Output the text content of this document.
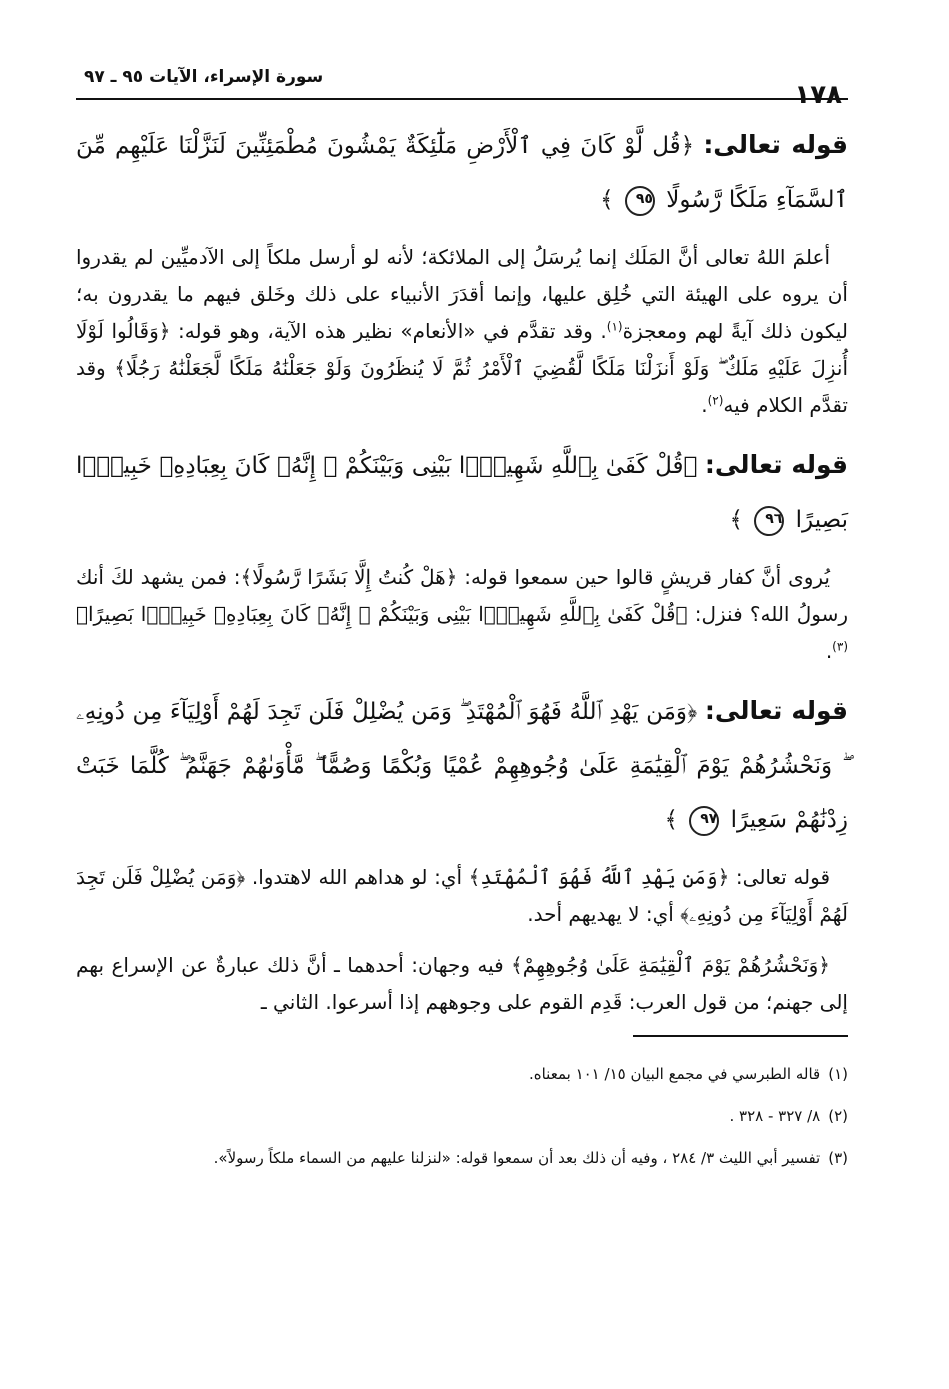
١٧٨
سورة الإسراء، الآيات ٩٥ ـ ٩٧
قوله تعالى: ﴿قُل لَّوْ كَانَ فِي ٱلْأَرْضِ مَلَٰٓئِكَةٌ يَمْشُونَ مُطْمَئِنِّينَ لَنَزَّلْنَا عَلَيْهِم مِّنَ ٱلسَّمَآءِ مَلَكًا رَّسُولًا ٩٥ ﴾

أعلمَ اللهُ تعالى أنَّ المَلَك إنما يُرسَلُ إلى الملائكة؛ لأنه لو أرسل ملكاً إلى الآدميِّين لم يقدروا أن يروه على الهيئة التي خُلِق عليها، وإنما أقدَرَ الأنبياء على ذلك وخَلق فيهم ما يقدرون به؛ ليكون ذلك آيةً لهم ومعجزة$^{(١)}$. وقد تقدَّم في «الأنعام» نظير هذه الآية، وهو قوله: ﴿وَقَالُوا لَوْلَا أُنزِلَ عَلَيْهِ مَلَكٌ ۖ وَلَوْ أَنزَلْنَا مَلَكًا لَّقُضِيَ ٱلْأَمْرُ ثُمَّ لَا يُنظَرُونَ وَلَوْ جَعَلْنَٰهُ مَلَكًا لَّجَعَلْنَٰهُ رَجُلًا﴾ وقد تقدَّم الكلام فيه$^{(٢)}$.

قوله تعالى: ﴿قُلْ كَفَىٰ بِٱللَّهِ شَهِيدًۢا بَيْنِى وَبَيْنَكُمْ ۚ إِنَّهُۥ كَانَ بِعِبَادِهِۦ خَبِيرًۢا بَصِيرًا ٩٦ ﴾

يُروى أنَّ كفار قريشٍ قالوا حين سمعوا قوله: ﴿هَلْ كُنتُ إِلَّا بَشَرًا رَّسُولًا﴾: فمن يشهد لكَ أنك رسولُ الله؟ فنزل: ﴿قُلْ كَفَىٰ بِٱللَّهِ شَهِيدًۢا بَيْنِى وَبَيْنَكُمْ ۚ إِنَّهُۥ كَانَ بِعِبَادِهِۦ خَبِيرًۢا بَصِيرًا﴾$^{(٣)}$.

قوله تعالى: ﴿وَمَن يَهْدِ ٱللَّهُ فَهُوَ ٱلْمُهْتَدِ ۖ وَمَن يُضْلِلْ فَلَن تَجِدَ لَهُمْ أَوْلِيَآءَ مِن دُونِهِۦ ۖ وَنَحْشُرُهُمْ يَوْمَ ٱلْقِيَٰمَةِ عَلَىٰ وُجُوهِهِمْ عُمْيًا وَبُكْمًا وَصُمًّا ۖ مَّأْوَىٰهُمْ جَهَنَّمُ ۖ كُلَّمَا خَبَتْ زِدْنَٰهُمْ سَعِيرًا ٩٧ ﴾

قوله تعالى: ﴿وَمَن يَهْدِ ٱللَّهُ فَهُوَ ٱلْمُهْتَدِ﴾ أي: لو هداهم الله لاهتدوا. ﴿وَمَن يُضْلِلْ فَلَن تَجِدَ لَهُمْ أَوْلِيَآءَ مِن دُونِهِۦ﴾ أي: لا يهديهم أحد.

﴿وَنَحْشُرُهُمْ يَوْمَ ٱلْقِيَٰمَةِ عَلَىٰ وُجُوهِهِمْ﴾ فيه وجهان: أحدهما ـ أنَّ ذلك عبارةٌ عن الإسراع بهم إلى جهنم؛ من قول العرب: قَدِم القوم على وجوههم إذا أسرعوا. الثاني ـ

(١)قاله الطبرسي في مجمع البيان ١٥/ ١٠١ بمعناه.
(٢)٨/ ٣٢٧ - ٣٢٨ .
(٣)تفسير أبي الليث ٣/ ٢٨٤ ، وفيه أن ذلك بعد أن سمعوا قوله: «لنزلنا عليهم من السماء ملكاً رسولاً».
